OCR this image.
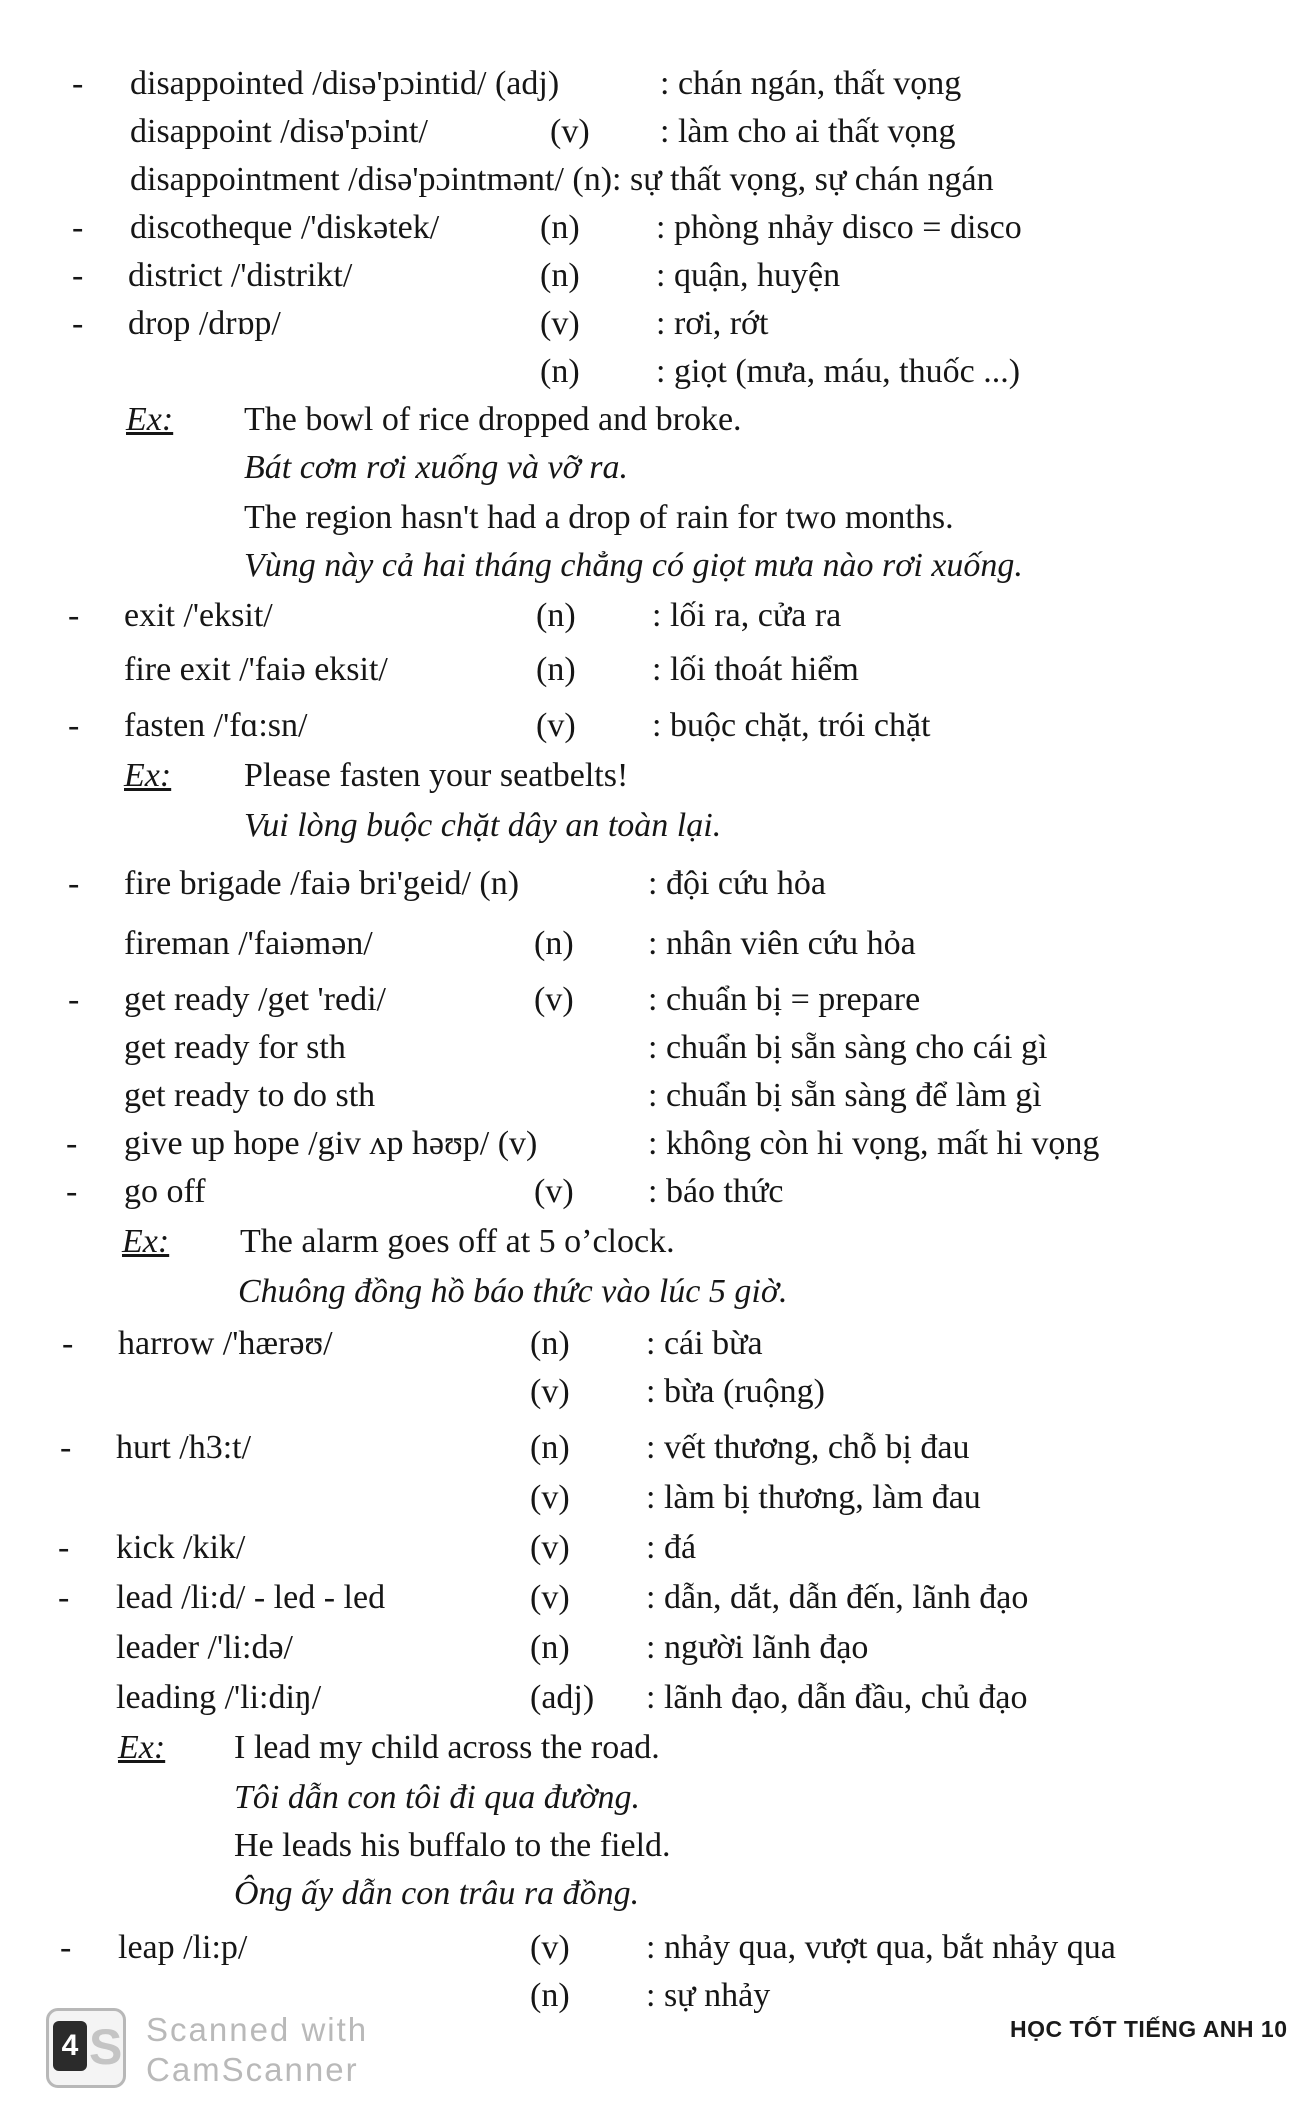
- disappointed /disə'pɔintid/ (adj)	: chán ngán, thất vọng
disappoint /disə'pɔint/	(v) : làm cho ai thất vọng
disappointment /disə'pɔintmənt/ (n): sự thất vọng, sự chán ngán
- discotheque /'diskətek/	(n) : phòng nhảy disco = disco
- district /'distrikt/	(n) : quận, huyện
- drop /drɒp/	(v) : rơi, rớt
(n) : giọt (mưa, máu, thuốc ...)
Ex: The bowl of rice dropped and broke.
Bát cơm rơi xuống và vỡ ra.
The region hasn't had a drop of rain for two months.
Vùng này cả hai tháng chẳng có giọt mưa nào rơi xuống.
- exit /'eksit/	(n) : lối ra, cửa ra
fire exit /'faiə eksit/	(n) : lối thoát hiểm
- fasten /'fɑ:sn/	(v) : buộc chặt, trói chặt
Ex: Please fasten your seatbelts!
Vui lòng buộc chặt dây an toàn lại.
- fire brigade /faiə bri'geid/ (n)	: đội cứu hỏa
fireman /'faiəmən/	(n) : nhân viên cứu hỏa
- get ready /get 'redi/	(v) : chuẩn bị = prepare
get ready for sth	: chuẩn bị sẵn sàng cho cái gì
get ready to do sth	: chuẩn bị sẵn sàng để làm gì
- give up hope /giv ʌp həʊp/ (v)	: không còn hi vọng, mất hi vọng
- go off	(v) : báo thức
Ex: The alarm goes off at 5 o’clock.
Chuông đồng hồ báo thức vào lúc 5 giờ.
- harrow /'hærəʊ/	(n) : cái bừa
(v) : bừa (ruộng)
- hurt /h3:t/	(n) : vết thương, chỗ bị đau
(v) : làm bị thương, làm đau
- kick /kik/	(v) : đá
- lead /li:d/ - led - led	(v) : dẫn, dắt, dẫn đến, lãnh đạo
leader /'li:də/	(n) : người lãnh đạo
leading /'li:diŋ/	(adj) : lãnh đạo, dẫn đầu, chủ đạo
Ex: I lead my child across the road.
Tôi dẫn con tôi đi qua đường.
He leads his buffalo to the field.
Ông ấy dẫn con trâu ra đồng.
- leap /li:p/	(v) : nhảy qua, vượt qua, bắt nhảy qua
(n) : sự nhảy
4 S Scanned with
CamScanner
HỌC TỐT TIẾNG ANH 10
